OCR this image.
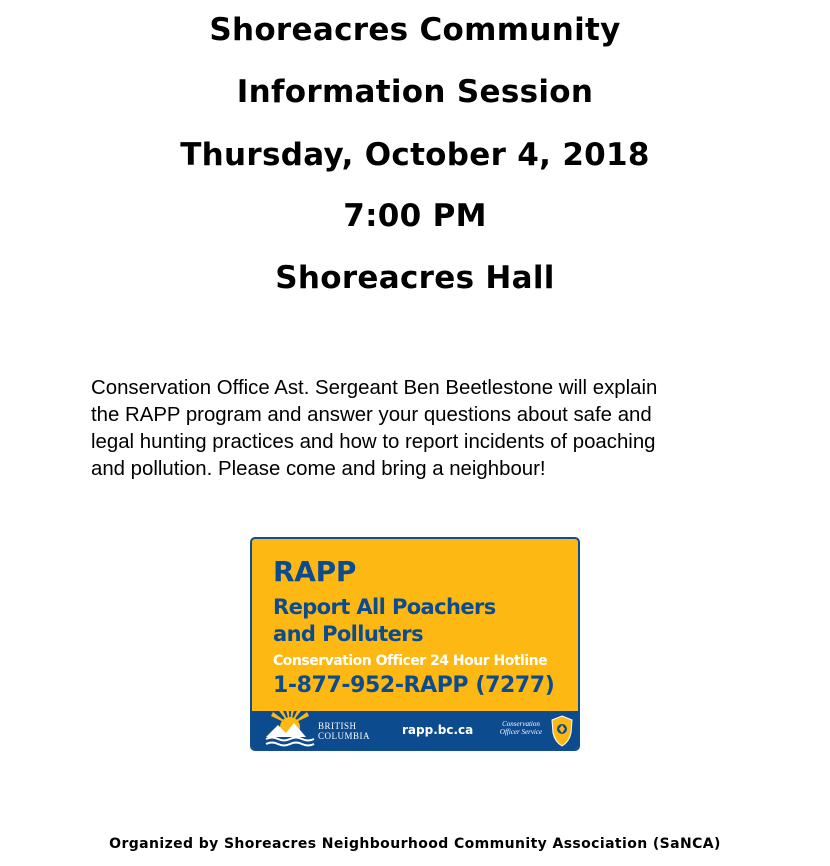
Shoreacres Community
Information Session
Thursday, October 4, 2018
7:00 PM
Shoreacres Hall
Conservation Office Ast. Sergeant Ben Beetlestone will explain
the RAPP program and answer your questions about safe and
legal hunting practices and how to report incidents of poaching
and pollution. Please come and bring a neighbour!
RAPP
Report All Poachers
and Polluters
Conservation Officer 24 Hour Hotline
1-877-952-RAPP (7277)
BRITISH
COLUMBIA	rapp.bc.ca	Conservation
Officer Service
Organized by Shoreacres Neighbourhood Community Association (SaNCA)
